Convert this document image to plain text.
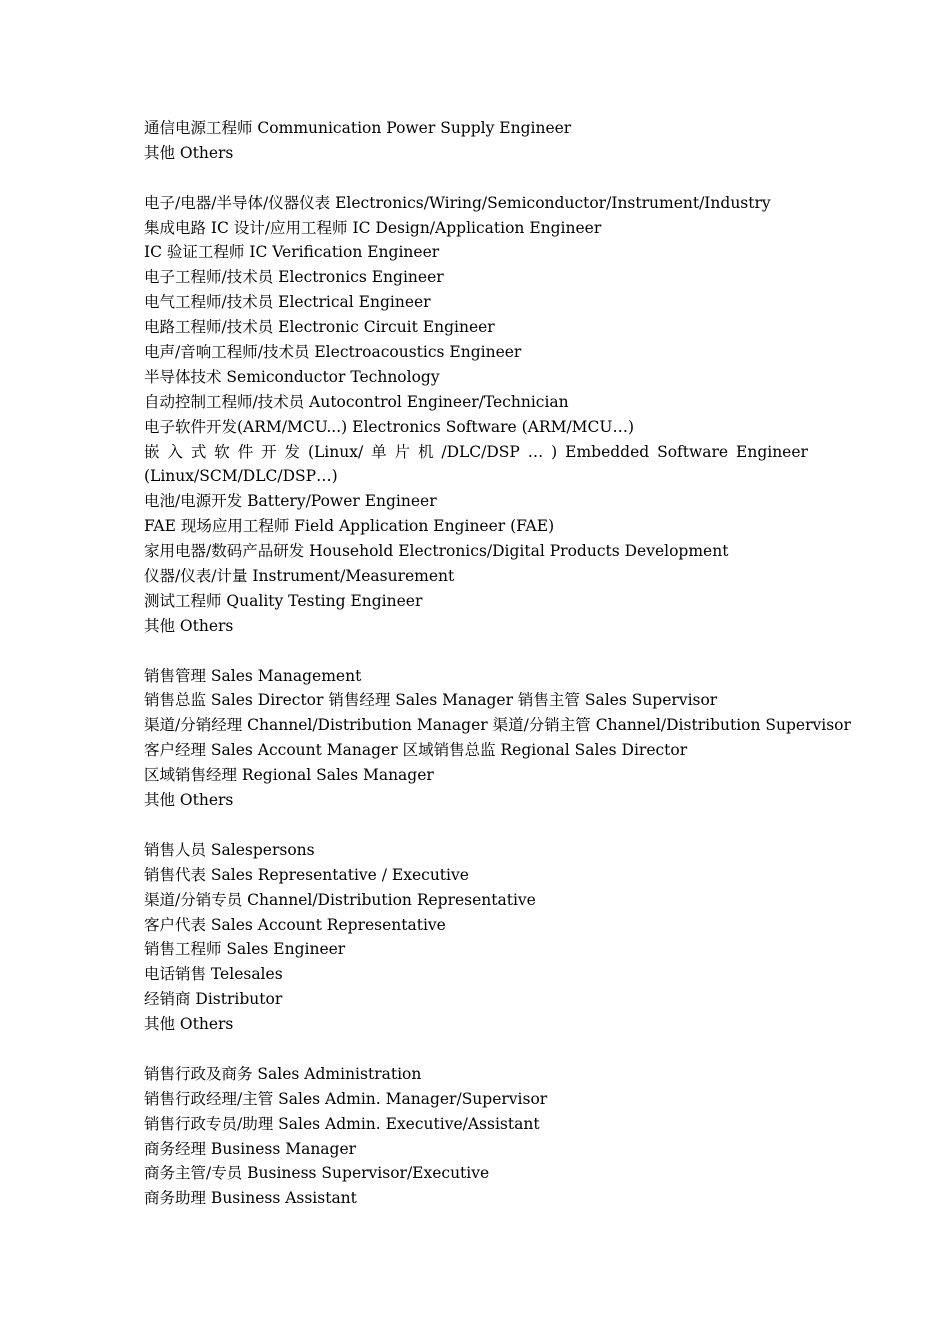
通信电源工程师 Communication Power Supply Engineer
其他 Others
电子/电器/半导体/仪器仪表 Electronics/Wiring/Semiconductor/Instrument/Industry
集成电路 IC 设计/应用工程师 IC Design/Application Engineer
IC 验证工程师 IC Verification Engineer
电子工程师/技术员 Electronics Engineer
电气工程师/技术员 Electrical Engineer
电路工程师/技术员 Electronic Circuit Engineer
电声/音响工程师/技术员 Electroacoustics Engineer
半导体技术 Semiconductor Technology
自动控制工程师/技术员 Autocontrol Engineer/Technician
电子软件开发(ARM/MCU...) Electronics Software (ARM/MCU…)
嵌 入 式 软 件 开 发 (Linux/ 单 片 机 /DLC/DSP … ) Embedded Software Engineer
(Linux/SCM/DLC/DSP…)
电池/电源开发 Battery/Power Engineer
FAE 现场应用工程师 Field Application Engineer (FAE)
家用电器/数码产品研发 Household Electronics/Digital Products Development
仪器/仪表/计量 Instrument/Measurement
测试工程师 Quality Testing Engineer
其他 Others
销售管理 Sales Management
销售总监 Sales Director 销售经理 Sales Manager 销售主管 Sales Supervisor
渠道/分销经理 Channel/Distribution Manager 渠道/分销主管 Channel/Distribution Supervisor
客户经理 Sales Account Manager 区域销售总监 Regional Sales Director
区域销售经理 Regional Sales Manager
其他 Others
销售人员 Salespersons
销售代表 Sales Representative / Executive
渠道/分销专员 Channel/Distribution Representative
客户代表 Sales Account Representative
销售工程师 Sales Engineer
电话销售 Telesales
经销商 Distributor
其他 Others
销售行政及商务 Sales Administration
销售行政经理/主管 Sales Admin. Manager/Supervisor
销售行政专员/助理 Sales Admin. Executive/Assistant
商务经理 Business Manager
商务主管/专员 Business Supervisor/Executive
商务助理 Business Assistant
